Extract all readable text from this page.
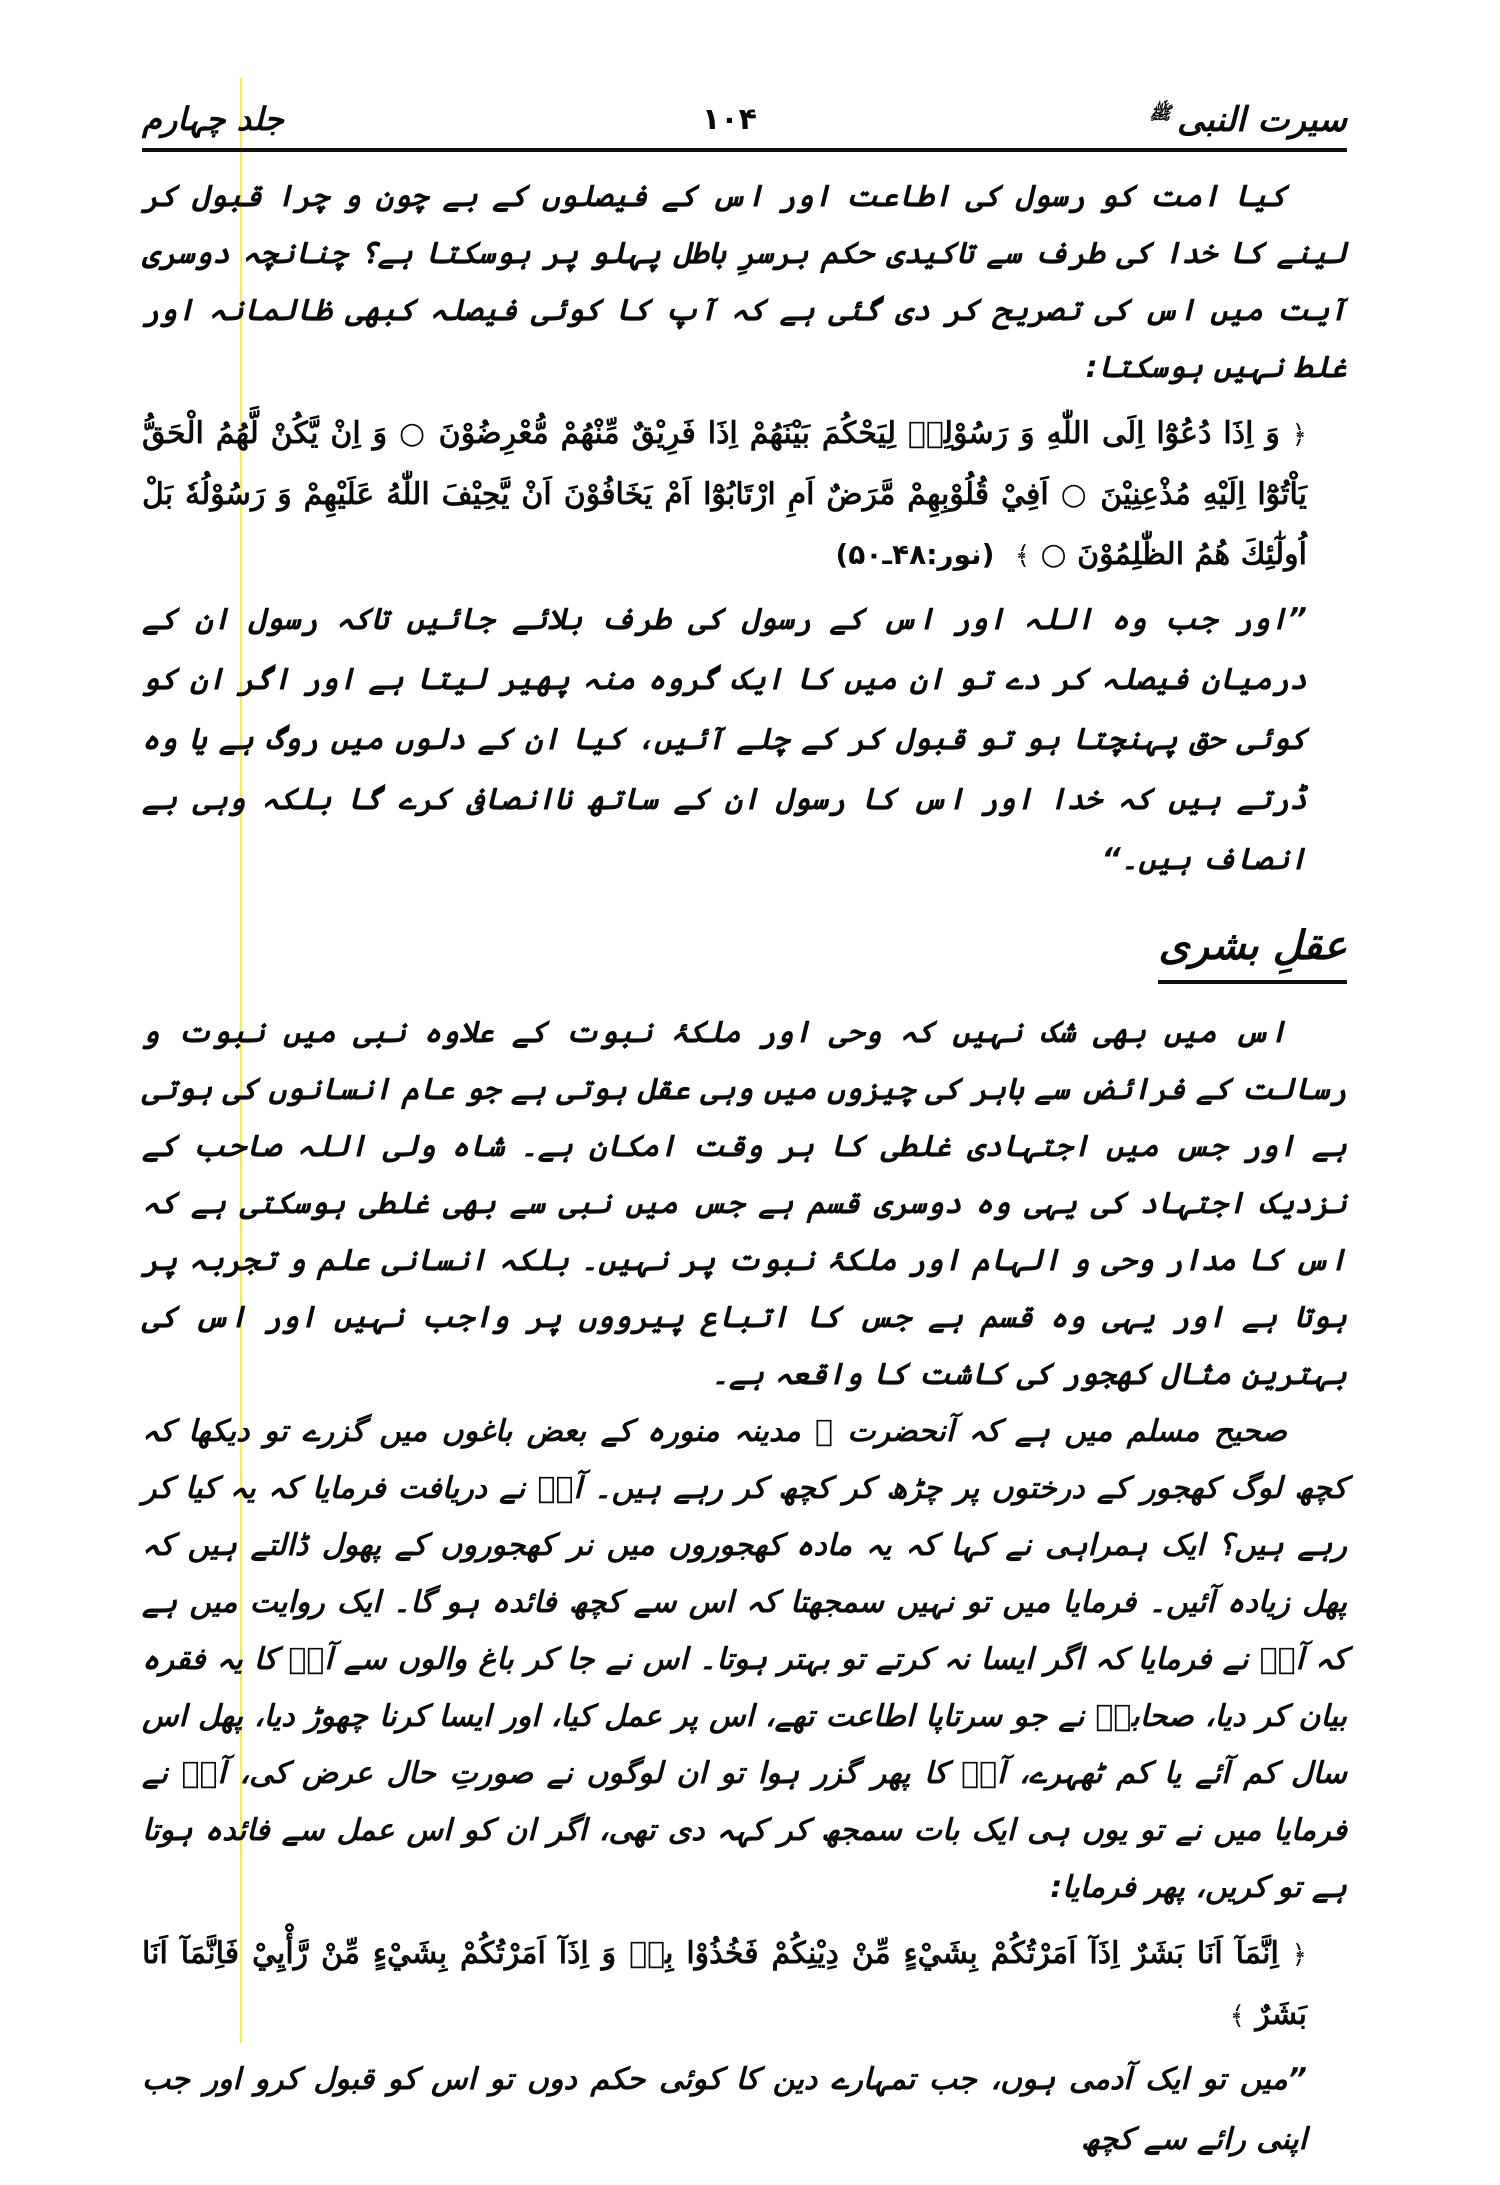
سیرت النبی$^ﷺ$
۱۰۴
جلد چہارم

کیا امت کو رسول کی اطاعت اور اس کے فیصلوں کے بے چون و چرا قبول کر لینے کا خدا کی طرف سے تاکیدی حکم برسرِ باطل پہلو پر ہوسکتا ہے؟ چنانچہ دوسری آیت میں اس کی تصریح کر دی گئی ہے کہ آپ کا کوئی فیصلہ کبھی ظالمانہ اور غلط نہیں ہوسکتا:

﴿ وَ اِذَا دُعُوْٓا اِلَى اللّٰهِ وَ رَسُوْلِهٖ لِيَحْكُمَ بَيْنَهُمْ اِذَا فَرِيْقٌ مِّنْهُمْ مُّعْرِضُوْنَ ○ وَ اِنْ يَّكُنْ لَّهُمُ الْحَقُّ يَاْتُوْٓا اِلَيْهِ مُذْعِنِيْنَ ○ اَفِيْ قُلُوْبِهِمْ مَّرَضٌ اَمِ ارْتَابُوْٓا اَمْ يَخَافُوْنَ اَنْ يَّحِيْفَ اللّٰهُ عَلَيْهِمْ وَ رَسُوْلُهٗ بَلْ اُولٰٓئِكَ هُمُ الظّٰلِمُوْنَ ○ ﴾ (نور:۴۸ـ۵۰)

”اور جب وہ اللہ اور اس کے رسول کی طرف بلائے جائیں تاکہ رسول ان کے درمیان فیصلہ کر دے تو ان میں کا ایک گروہ منہ پھیر لیتا ہے اور اگر ان کو کوئی حق پہنچتا ہو تو قبول کر کے چلے آئیں، کیا ان کے دلوں میں روگ ہے یا وہ ڈرتے ہیں کہ خدا اور اس کا رسول ان کے ساتھ ناانصافی کرے گا بلکہ وہی بے انصاف ہیں۔“

عقلِ بشری

اس میں بھی شک نہیں کہ وحی اور ملکۂ نبوت کے علاوہ نبی میں نبوت و رسالت کے فرائض سے باہر کی چیزوں میں وہی عقل ہوتی ہے جو عام انسانوں کی ہوتی ہے اور جس میں اجتہادی غلطی کا ہر وقت امکان ہے۔ شاہ ولی اللہ صاحب کے نزدیک اجتہاد کی یہی وہ دوسری قسم ہے جس میں نبی سے بھی غلطی ہوسکتی ہے کہ اس کا مدار وحی و الہام اور ملکۂ نبوت پر نہیں۔ بلکہ انسانی علم و تجربہ پر ہوتا ہے اور یہی وہ قسم ہے جس کا اتباع پیرووں پر واجب نہیں اور اس کی بہترین مثال کھجور کی کاشت کا واقعہ ہے۔

صحیح مسلم میں ہے کہ آنحضرت ﷺ مدینہ منورہ کے بعض باغوں میں گزرے تو دیکھا کہ کچھ لوگ کھجور کے درختوں پر چڑھ کر کچھ کر رہے ہیں۔ آپؐ نے دریافت فرمایا کہ یہ کیا کر رہے ہیں؟ ایک ہمراہی نے کہا کہ یہ مادہ کھجوروں میں نر کھجوروں کے پھول ڈالتے ہیں کہ پھل زیادہ آئیں۔ فرمایا میں تو نہیں سمجھتا کہ اس سے کچھ فائدہ ہو گا۔ ایک روایت میں ہے کہ آپؐ نے فرمایا کہ اگر ایسا نہ کرتے تو بہتر ہوتا۔ اس نے جا کر باغ والوں سے آپؐ کا یہ فقرہ بیان کر دیا، صحابہؓ نے جو سرتاپا اطاعت تھے، اس پر عمل کیا، اور ایسا کرنا چھوڑ دیا، پھل اس سال کم آئے یا کم ٹھہرے، آپؐ کا پھر گزر ہوا تو ان لوگوں نے صورتِ حال عرض کی، آپؐ نے فرمایا میں نے تو یوں ہی ایک بات سمجھ کر کہہ دی تھی، اگر ان کو اس عمل سے فائدہ ہوتا ہے تو کریں، پھر فرمایا:

﴿ اِنَّمَآ اَنَا بَشَرٌ اِذَآ اَمَرْتُكُمْ بِشَيْءٍ مِّنْ دِيْنِكُمْ فَخُذُوْا بِهٖ وَ اِذَآ اَمَرْتُكُمْ بِشَيْءٍ مِّنْ رَّأْيِيْ فَاِنَّمَآ اَنَا بَشَرٌ ﴾

”میں تو ایک آدمی ہوں، جب تمہارے دین کا کوئی حکم دوں تو اس کو قبول کرو اور جب اپنی رائے سے کچھ
